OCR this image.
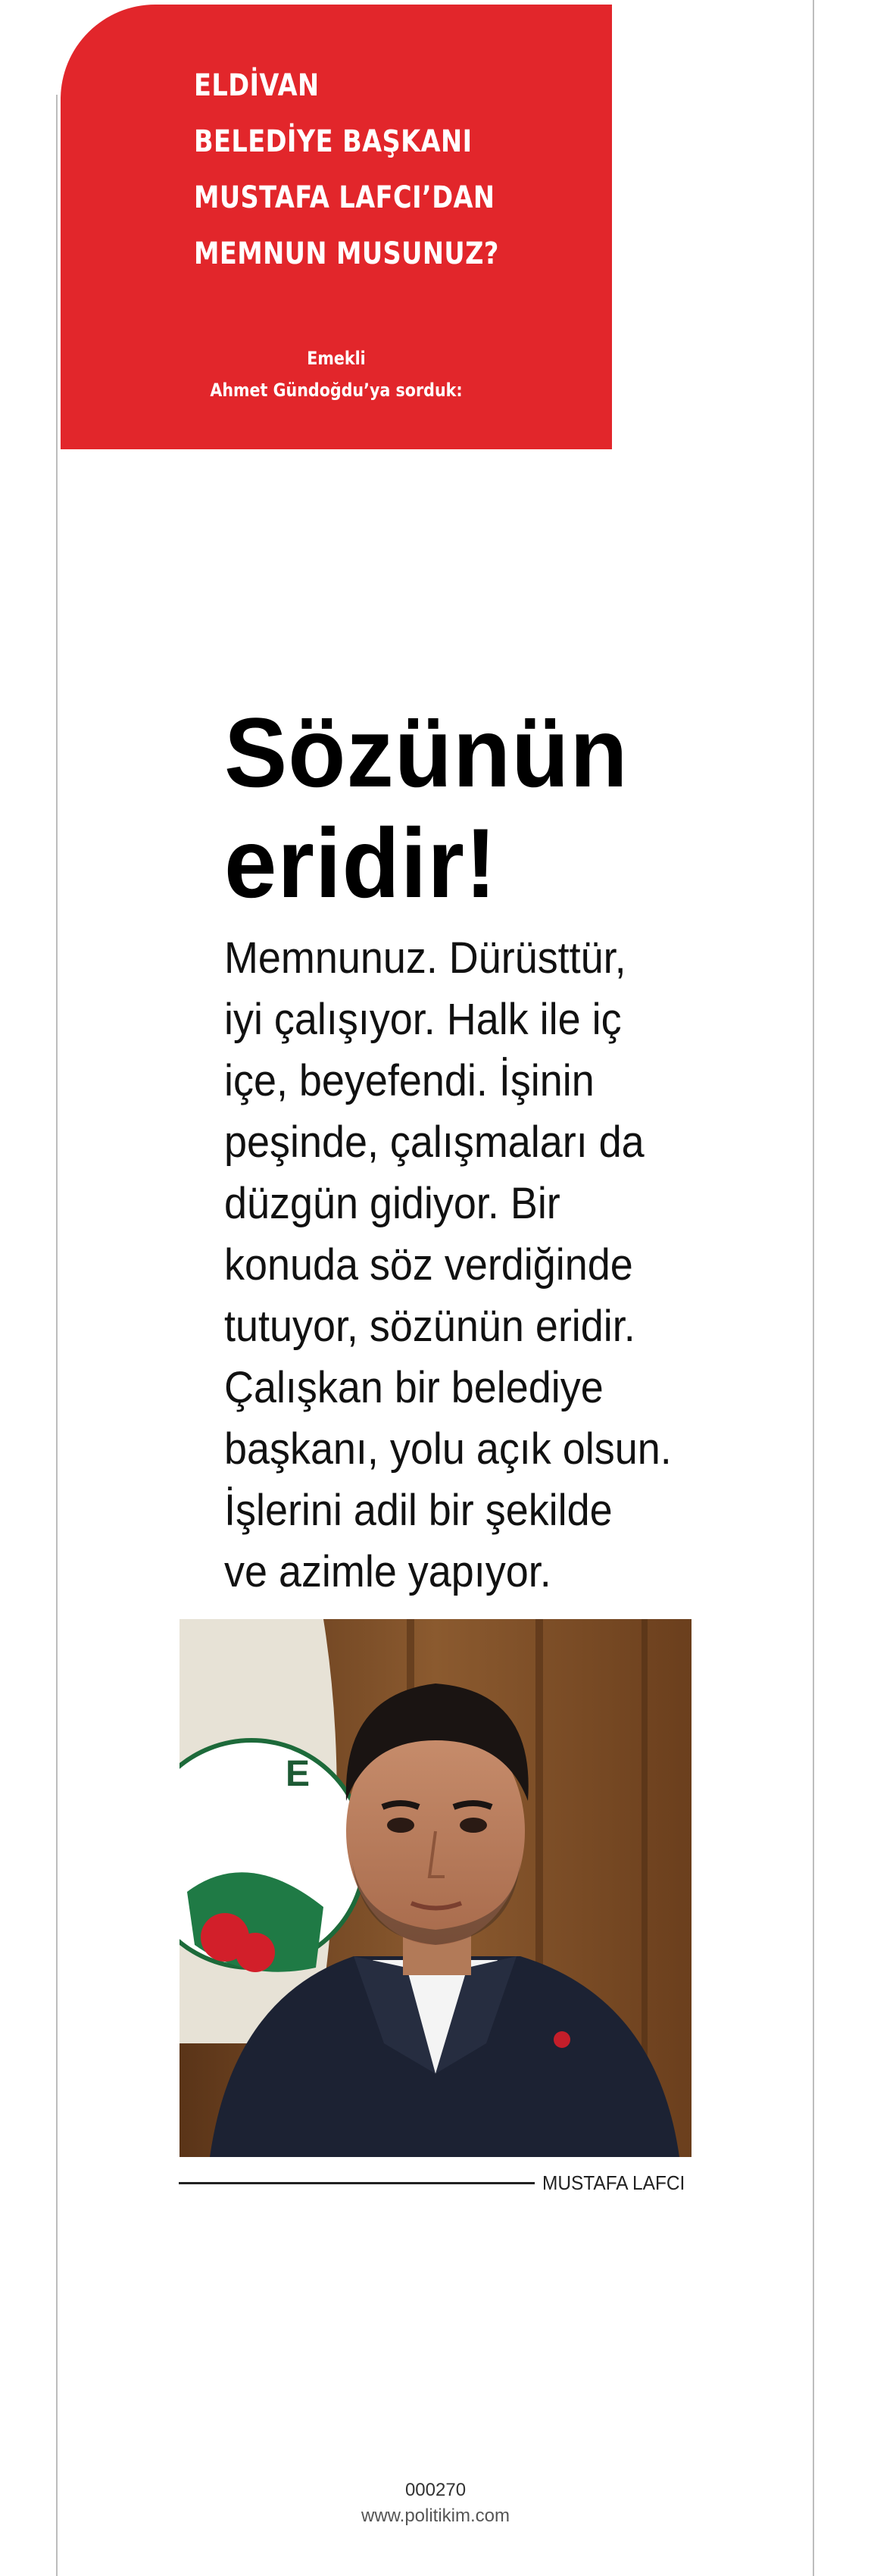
ELDİVAN
BELEDİYE BAŞKANI
MUSTAFA LAFCI’DAN
MEMNUN MUSUNUZ?
Emekli
Ahmet Gündoğdu’ya sorduk:
Sözünün
eridir!
Memnunuz. Dürüsttür,
iyi çalışıyor. Halk ile iç
içe, beyefendi. İşinin
peşinde, çalışmaları da
düzgün gidiyor. Bir
konuda söz verdiğinde
tutuyor, sözünün eridir.
Çalışkan bir belediye
başkanı, yolu açık olsun.
İşlerini adil bir şekilde
ve azimle yapıyor.
E
MUSTAFA LAFCI
000270
www.politikim.com
